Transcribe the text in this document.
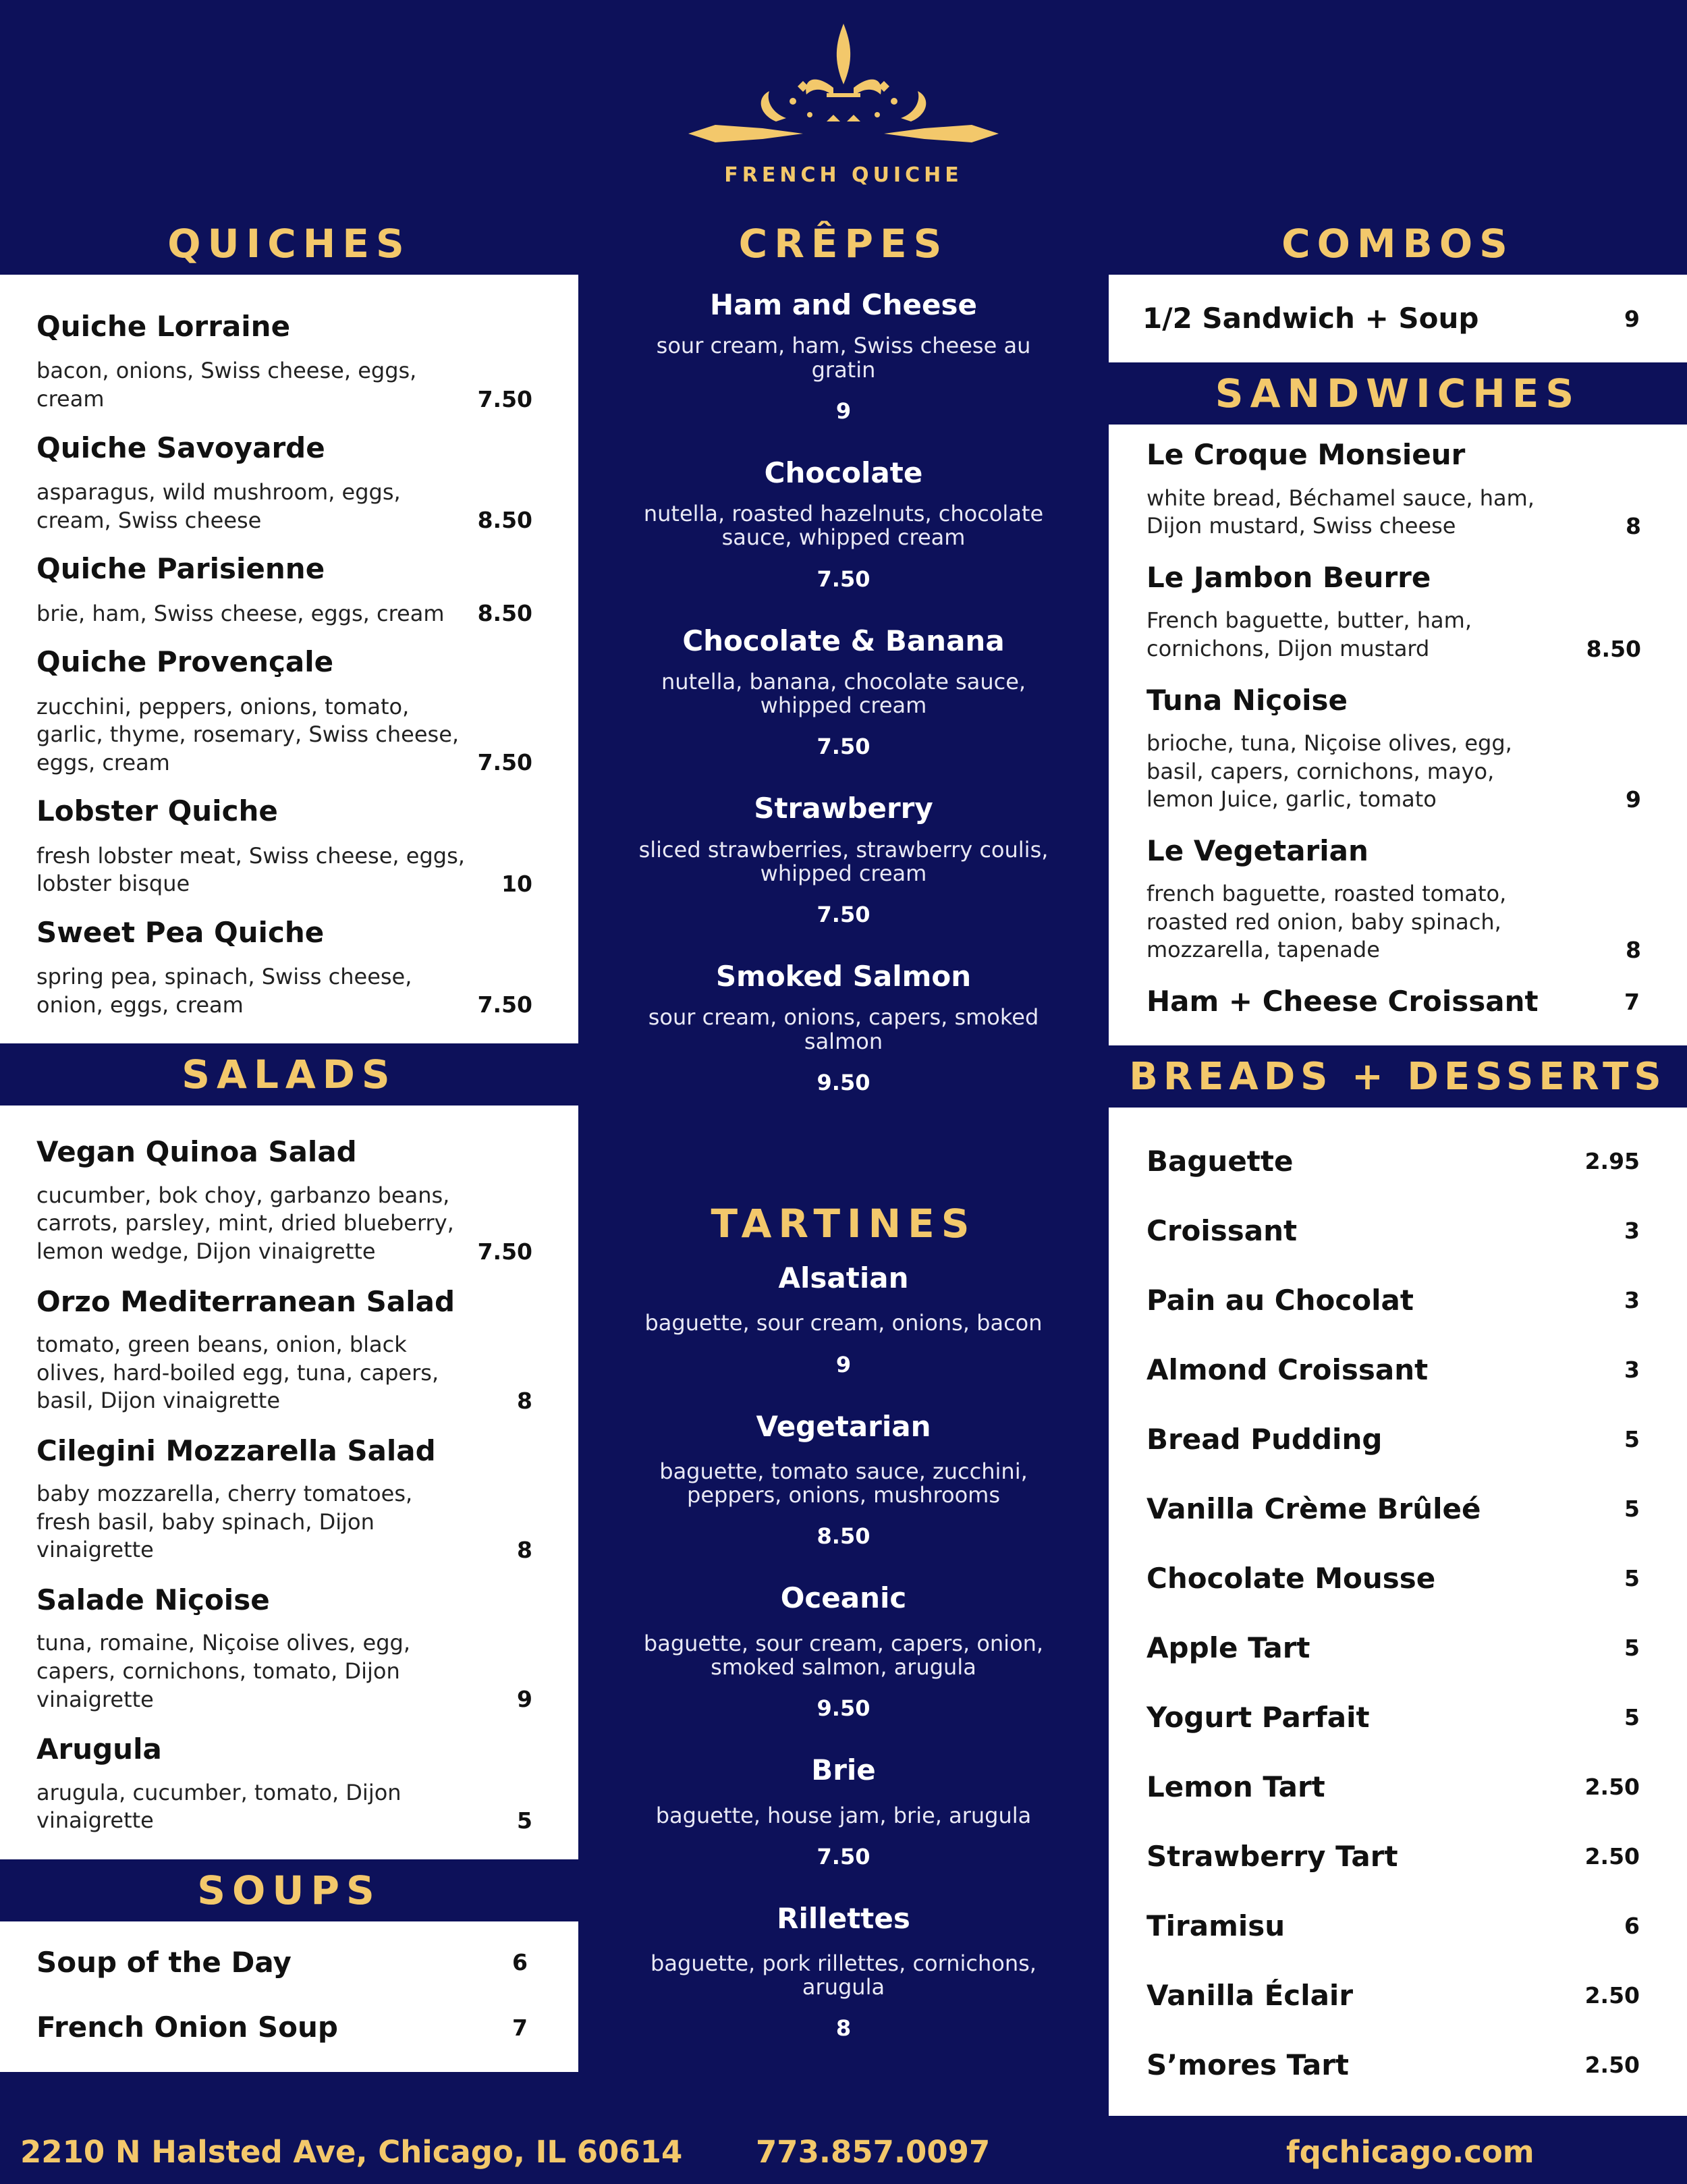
FRENCH QUICHE
QUICHES
Quiche Lorraine
bacon, onions, Swiss cheese, eggs, cream	7.50
Quiche Savoyarde
asparagus, wild mushroom, eggs, cream, Swiss cheese	8.50
Quiche Parisienne
brie, ham, Swiss cheese, eggs, cream	8.50
Quiche Provençale
zucchini, peppers, onions, tomato, garlic, thyme, rosemary, Swiss cheese, eggs, cream	7.50
Lobster Quiche
fresh lobster meat, Swiss cheese, eggs, lobster bisque	10
Sweet Pea Quiche
spring pea, spinach, Swiss cheese, onion, eggs, cream	7.50
SALADS
Vegan Quinoa Salad
cucumber, bok choy, garbanzo beans, carrots, parsley, mint, dried blueberry, lemon wedge, Dijon vinaigrette	7.50
Orzo Mediterranean Salad
tomato, green beans, onion, black olives, hard-boiled egg, tuna, capers, basil, Dijon vinaigrette	8
Cilegini Mozzarella Salad
baby mozzarella, cherry tomatoes, fresh basil, baby spinach, Dijon vinaigrette	8
Salade Niçoise
tuna, romaine, Niçoise olives, egg, capers, cornichons, tomato, Dijon vinaigrette	9
Arugula
arugula, cucumber, tomato, Dijon vinaigrette	5
SOUPS
Soup of the Day	6
French Onion Soup	7
CRÊPES
Ham and Cheese
sour cream, ham, Swiss cheese au gratin
9
Chocolate
nutella, roasted hazelnuts, chocolate sauce, whipped cream
7.50
Chocolate & Banana
nutella, banana, chocolate sauce, whipped cream
7.50
Strawberry
sliced strawberries, strawberry coulis, whipped cream
7.50
Smoked Salmon
sour cream, onions, capers, smoked salmon
9.50
TARTINES
Alsatian
baguette, sour cream, onions, bacon
9
Vegetarian
baguette, tomato sauce, zucchini, peppers, onions, mushrooms
8.50
Oceanic
baguette, sour cream, capers, onion, smoked salmon, arugula
9.50
Brie
baguette, house jam, brie, arugula
7.50
Rillettes
baguette, pork rillettes, cornichons, arugula
8
COMBOS
1/2 Sandwich + Soup	9
SANDWICHES
Le Croque Monsieur
white bread, Béchamel sauce, ham, Dijon mustard, Swiss cheese	8
Le Jambon Beurre
French baguette, butter, ham, cornichons, Dijon mustard	8.50
Tuna Niçoise
brioche, tuna, Niçoise olives, egg, basil, capers, cornichons, mayo, lemon Juice, garlic, tomato	9
Le Vegetarian
french baguette, roasted tomato, roasted red onion, baby spinach, mozzarella, tapenade	8
Ham + Cheese Croissant	7
BREADS + DESSERTS
Baguette	2.95
Croissant	3
Pain au Chocolat	3
Almond Croissant	3
Bread Pudding	5
Vanilla Crème Brûleé	5
Chocolate Mousse	5
Apple Tart	5
Yogurt Parfait	5
Lemon Tart	2.50
Strawberry Tart	2.50
Tiramisu	6
Vanilla Éclair	2.50
S’mores Tart	2.50
2210 N Halsted Ave, Chicago, IL 60614 773.857.0097	fqchicago.com
